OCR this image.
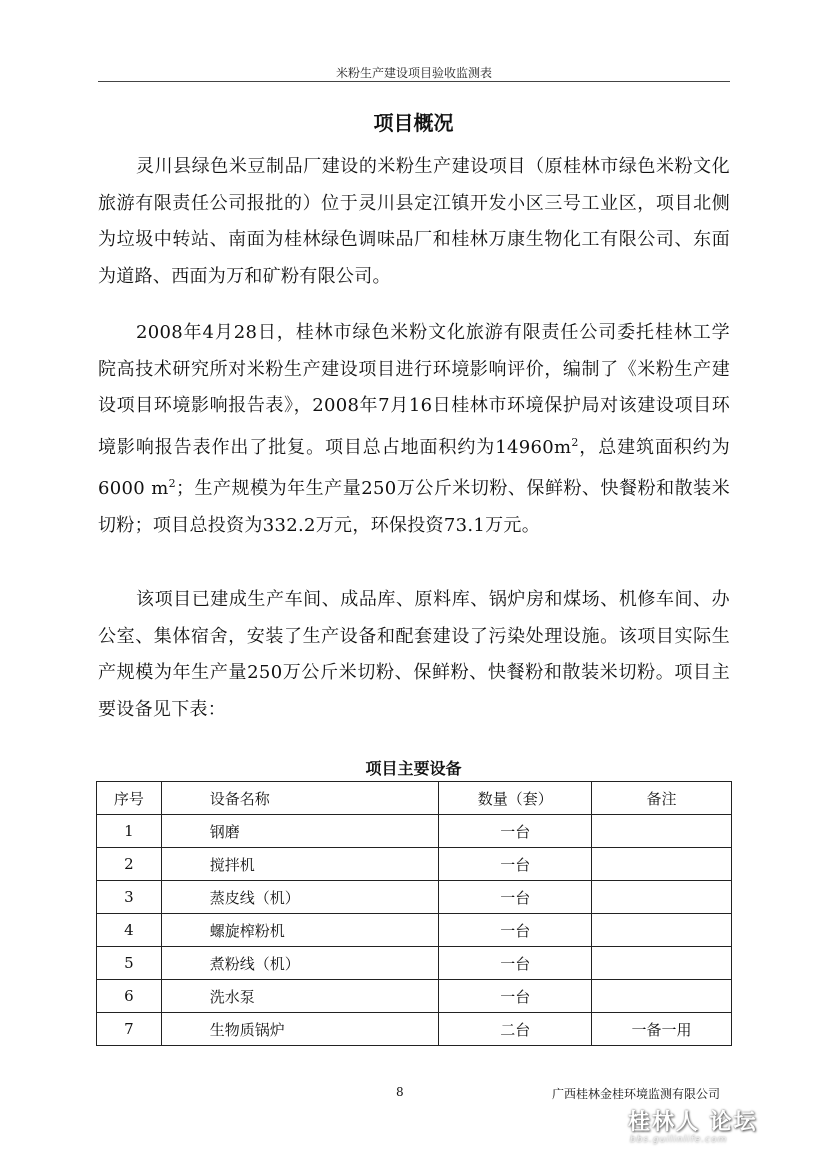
米粉生产建设项目验收监测表
项目概况

灵川县绿色米豆制品厂建设的米粉生产建设项目（原桂林市绿色米粉文化旅游有限责任公司报批的）位于灵川县定江镇开发小区三号工业区，项目北侧为垃圾中转站、南面为桂林绿色调味品厂和桂林万康生物化工有限公司、东面为道路、西面为万和矿粉有限公司。

2008年4月28日，桂林市绿色米粉文化旅游有限责任公司委托桂林工学院高技术研究所对米粉生产建设项目进行环境影响评价，编制了《米粉生产建设项目环境影响报告表》，2008年7月16日桂林市环境保护局对该建设项目环境影响报告表作出了批复。项目总占地面积约为$14960m^2$，总建筑面积约为6000 $m^2$；生产规模为年生产量250万公斤米切粉、保鲜粉、快餐粉和散装米切粉；项目总投资为332.2万元，环保投资73.1万元。

该项目已建成生产车间、成品库、原料库、锅炉房和煤场、机修车间、办公室、集体宿舍，安装了生产设备和配套建设了污染处理设施。该项目实际生产规模为年生产量250万公斤米切粉、保鲜粉、快餐粉和散装米切粉。项目主要设备见下表：

项目主要设备
序号	设备名称	数量（套）	备注
1	钢磨	一台	
2	搅拌机	一台	
3	蒸皮线（机）	一台	
4	螺旋榨粉机	一台	
5	煮粉线（机）	一台	
6	洗水泵	一台	
7	生物质锅炉	二台	一备一用
8	广西桂林金桂环境监测有限公司
桂林人 论坛
bbs.guilinlife.com
